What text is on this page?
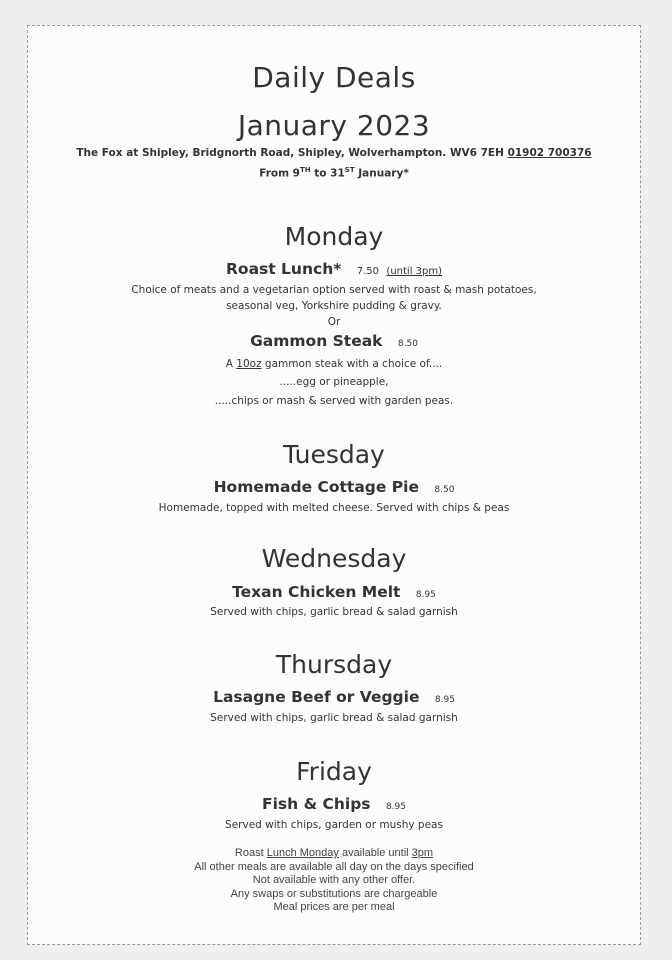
Daily Deals
January 2023
The Fox at Shipley, Bridgnorth Road, Shipley, Wolverhampton. WV6 7EH 01902 700376
From 9TH to 31ST January*
Monday
Roast Lunch* 7.50 (until 3pm)
Choice of meats and a vegetarian option served with roast & mash potatoes,
seasonal veg, Yorkshire pudding & gravy.
Or
Gammon Steak 8.50
A 10oz gammon steak with a choice of....
.....egg or pineapple,
.....chips or mash & served with garden peas.
Tuesday
Homemade Cottage Pie 8.50
Homemade, topped with melted cheese. Served with chips & peas
Wednesday
Texan Chicken Melt 8.95
Served with chips, garlic bread & salad garnish
Thursday
Lasagne Beef or Veggie 8.95
Served with chips, garlic bread & salad garnish
Friday
Fish & Chips 8.95
Served with chips, garden or mushy peas
Roast Lunch Monday available until 3pm
All other meals are available all day on the days specified
Not available with any other offer.
Any swaps or substitutions are chargeable
Meal prices are per meal
